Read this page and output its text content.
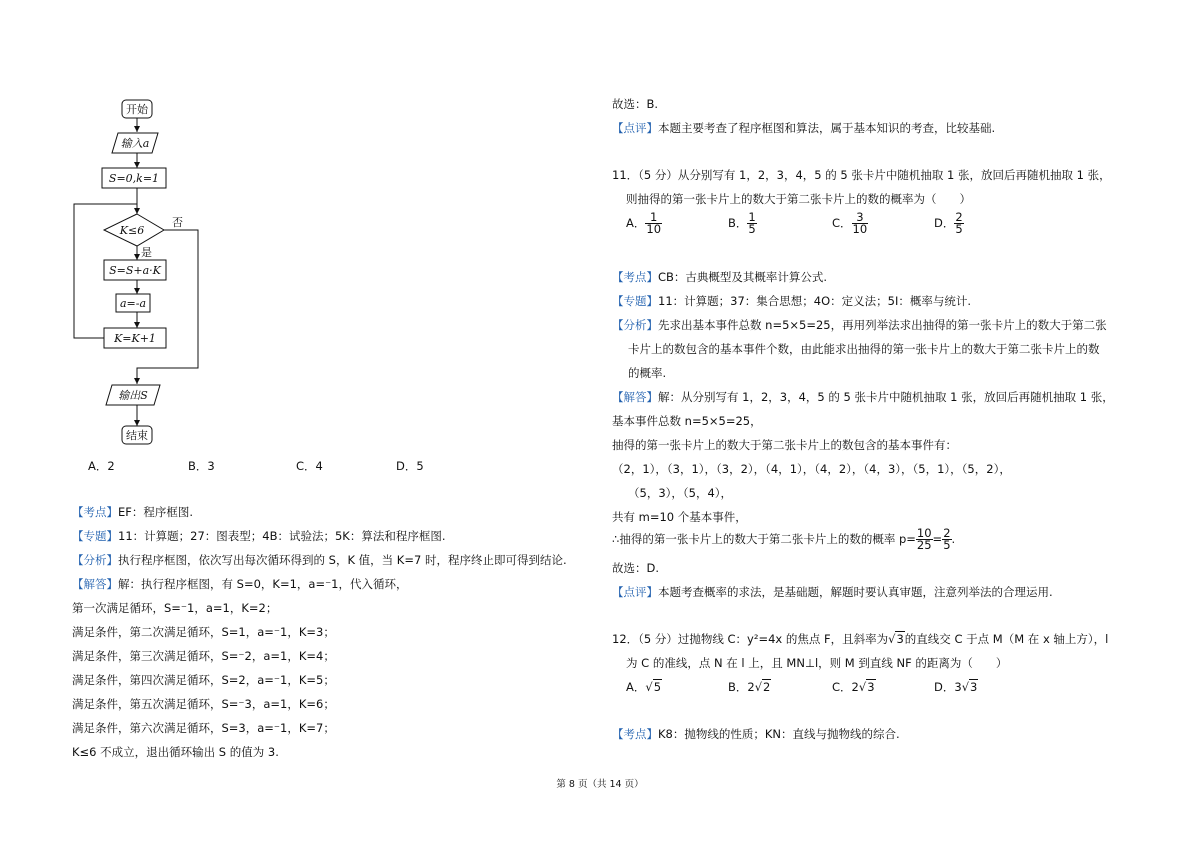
开始
输入a
S=0,k=1
K≤6
否
是
S=S+a·K
a=-a
K=K+1
输出S
结束
A．2	B．3	C．4	D．5
【考点】EF：程序框图.
【专题】11：计算题；27：图表型；4B：试验法；5K：算法和程序框图.
【分析】执行程序框图，依次写出每次循环得到的 S，K 值，当 K=7 时，程序终止即可得到结论.
【解答】解：执行程序框图，有 S=0，K=1，a=⁻1，代入循环，
第一次满足循环，S=⁻1，a=1，K=2；
满足条件，第二次满足循环，S=1，a=⁻1，K=3；
满足条件，第三次满足循环，S=⁻2，a=1，K=4；
满足条件，第四次满足循环，S=2，a=⁻1，K=5；
满足条件，第五次满足循环，S=⁻3，a=1，K=6；
满足条件，第六次满足循环，S=3，a=⁻1，K=7；
K≤6 不成立，退出循环输出 S 的值为 3.
故选：B.
【点评】本题主要考查了程序框图和算法，属于基本知识的考查，比较基础.
11．（5 分）从分别写有 1，2，3，4，5 的 5 张卡片中随机抽取 1 张，放回后再随机抽取 1 张，
则抽得的第一张卡片上的数大于第二张卡片上的数的概率为（　　）
A． $\frac{1}{10}$	B． $\frac{1}{5}$	C． $\frac{3}{10}$	D． $\frac{2}{5}$
【考点】CB：古典概型及其概率计算公式.
【专题】11：计算题；37：集合思想；4O：定义法；5I：概率与统计.
【分析】先求出基本事件总数 n=5×5=25，再用列举法求出抽得的第一张卡片上的数大于第二张
卡片上的数包含的基本事件个数，由此能求出抽得的第一张卡片上的数大于第二张卡片上的数
的概率.
【解答】解：从分别写有 1，2，3，4，5 的 5 张卡片中随机抽取 1 张，放回后再随机抽取 1 张，
基本事件总数 n=5×5=25，
抽得的第一张卡片上的数大于第二张卡片上的数包含的基本事件有：
（2，1），（3，1），（3，2），（4，1），（4，2），（4，3），（5，1），（5，2），
（5，3），（5，4），
共有 m=10 个基本事件，
∴抽得的第一张卡片上的数大于第二张卡片上的数的概率 $p= \frac{10}{25} = \frac{2}{5}$ .
故选：D.
【点评】本题考查概率的求法，是基础题，解题时要认真审题，注意列举法的合理运用.
12．（5 分）过抛物线 C：y²=4x 的焦点 F，且斜率为√3的直线交 C 于点 M（M 在 x 轴上方），l
为 C 的准线，点 N 在 l 上，且 MN⊥l，则 M 到直线 NF 的距离为（　　）
A．√5	B．2√2	C．2√3	D．3√3
【考点】K8：抛物线的性质；KN：直线与抛物线的综合.
第 8 页（共 14 页）
